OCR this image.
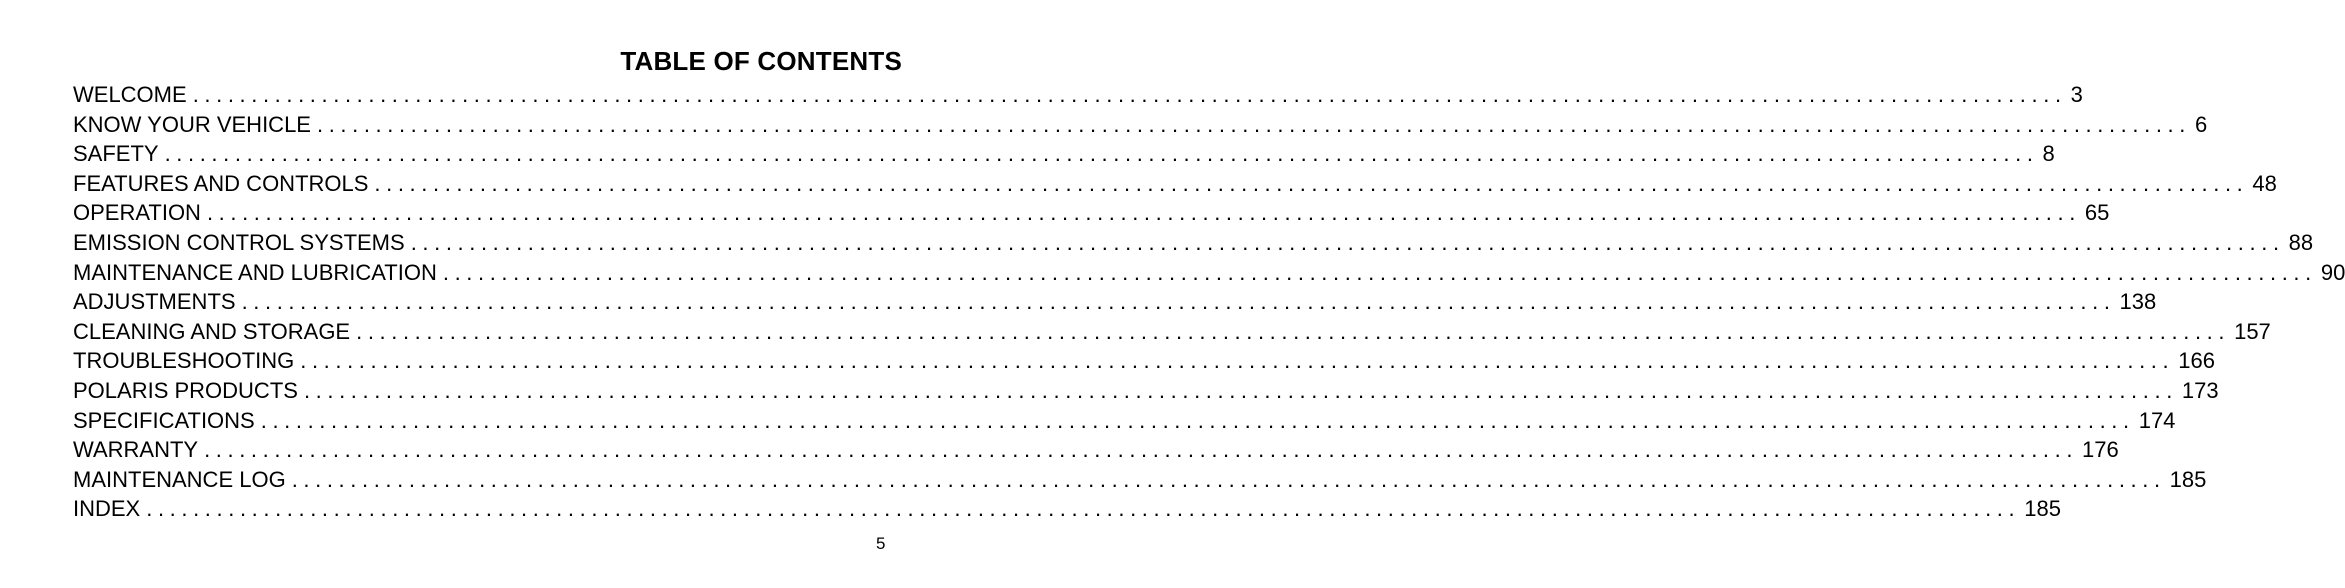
TABLE OF CONTENTS
WELCOME ................................................................................................................................................................ 3
KNOW YOUR VEHICLE ................................................................................................................................................................ 6
SAFETY ................................................................................................................................................................ 8
FEATURES AND CONTROLS ................................................................................................................................................................ 48
OPERATION ................................................................................................................................................................ 65
EMISSION CONTROL SYSTEMS ................................................................................................................................................................ 88
MAINTENANCE AND LUBRICATION ................................................................................................................................................................ 90
ADJUSTMENTS ................................................................................................................................................................ 138
CLEANING AND STORAGE ................................................................................................................................................................ 157
TROUBLESHOOTING ................................................................................................................................................................ 166
POLARIS PRODUCTS ................................................................................................................................................................ 173
SPECIFICATIONS ................................................................................................................................................................ 174
WARRANTY ................................................................................................................................................................ 176
MAINTENANCE LOG ................................................................................................................................................................ 185
INDEX ................................................................................................................................................................ 185
5
